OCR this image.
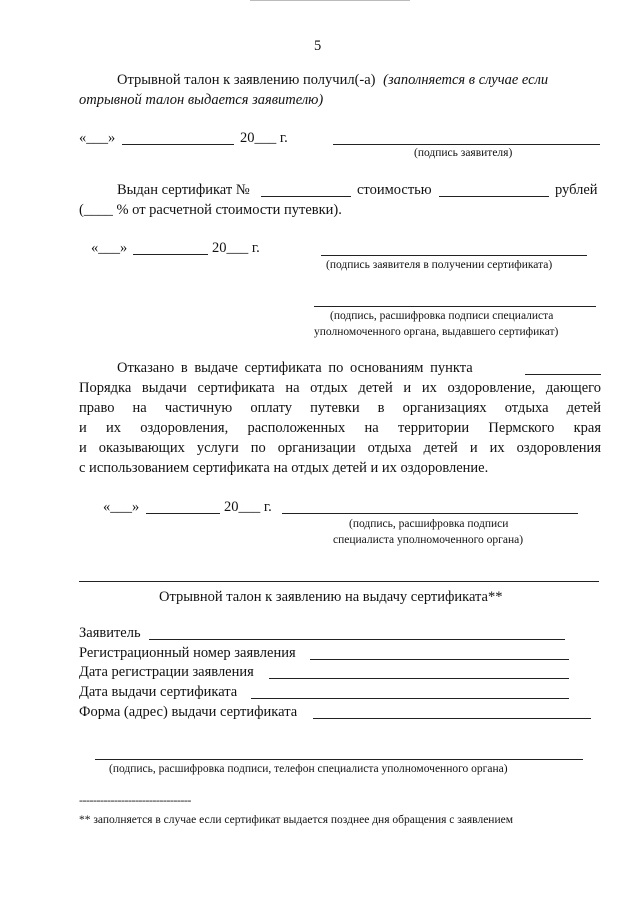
5
Отрывной талон к заявлению получил(-а) (заполняется в случае если
отрывной талон выдается заявителю)
«___»	20___ г.
(подпись заявителя)
Выдан сертификат №	стоимостью	рублей
(____ % от расчетной стоимости путевки).
«___»	20___ г.
(подпись заявителя в получении сертификата)
(подпись, расшифровка подписи специалиста
уполномоченного органа, выдавшего сертификат)
Отказано в выдаче сертификата по основаниям пункта
Порядка выдачи сертификата на отдых детей и их оздоровление, дающего
право на частичную оплату путевки в организациях отдыха детей
и их оздоровления, расположенных на территории Пермского края
и оказывающих услуги по организации отдыха детей и их оздоровления
с использованием сертификата на отдых детей и их оздоровление.
«___»	20___ г.
(подпись, расшифровка подписи
специалиста уполномоченного органа)
Отрывной талон к заявлению на выдачу сертификата**
Заявитель
Регистрационный номер заявления
Дата регистрации заявления
Дата выдачи сертификата
Форма (адрес) выдачи сертификата
(подпись, расшифровка подписи, телефон специалиста уполномоченного органа)
--------------------------------
** заполняется в случае если сертификат выдается позднее дня обращения с заявлением
